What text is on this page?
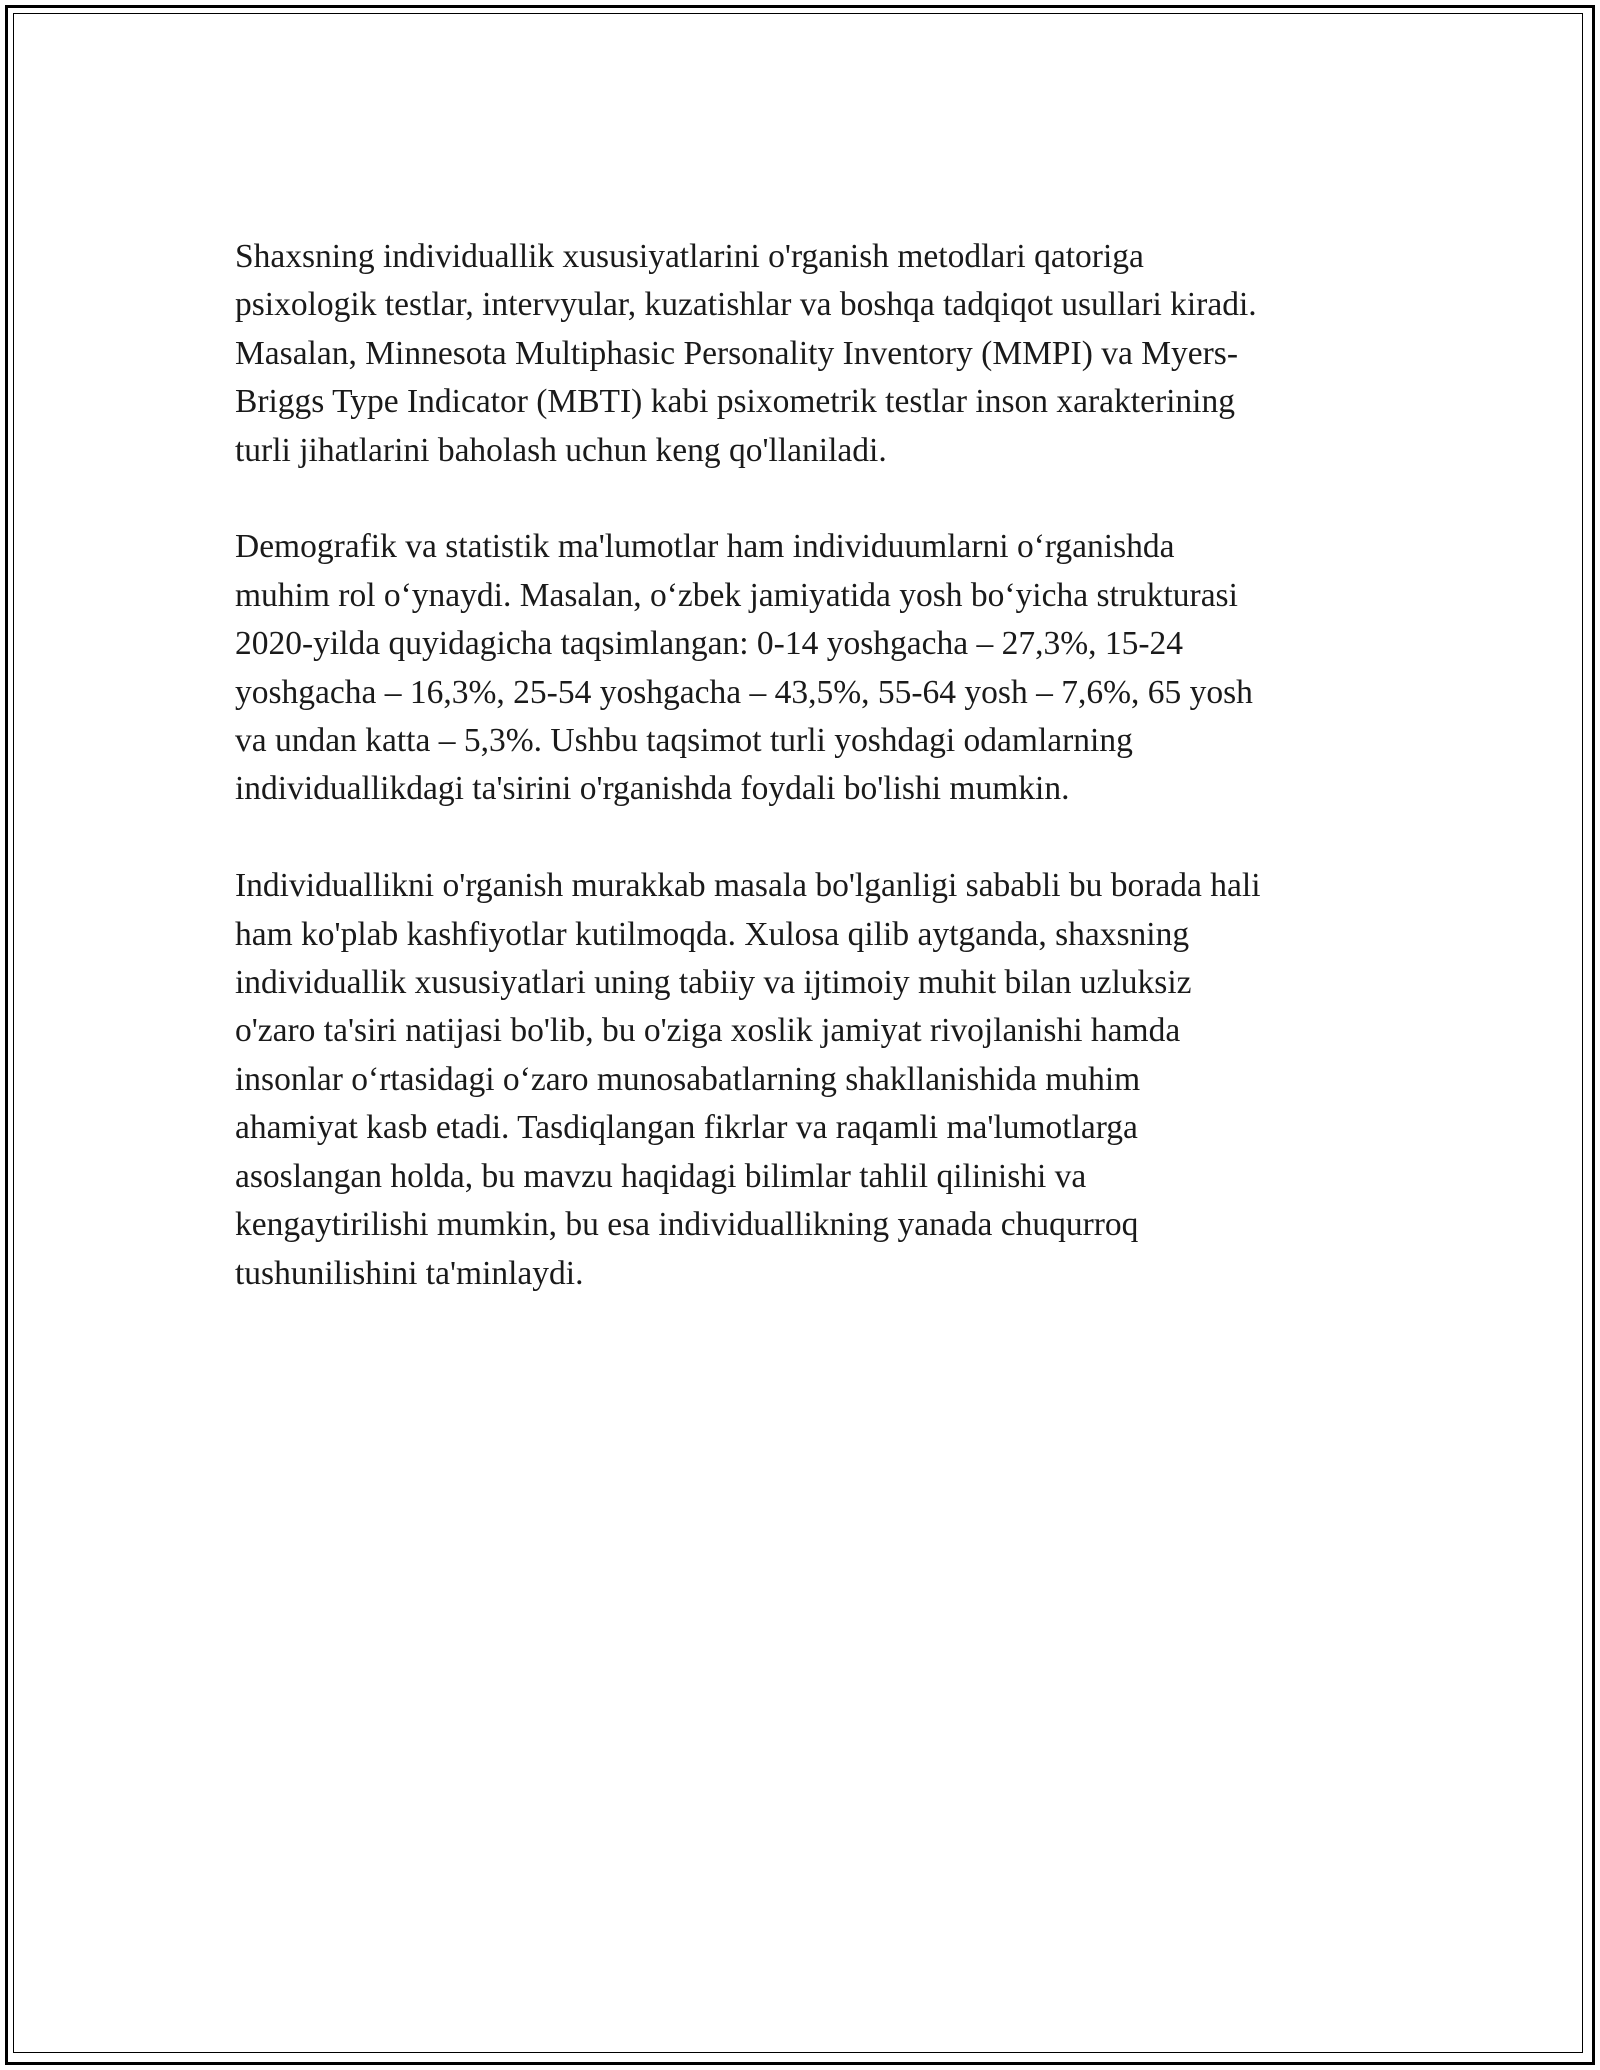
Shaxsning individuallik xususiyatlarini o'rganish metodlari qatoriga
psixologik testlar, intervyular, kuzatishlar va boshqa tadqiqot usullari kiradi.
Masalan, Minnesota Multiphasic Personality Inventory (MMPI) va Myers-
Briggs Type Indicator (MBTI) kabi psixometrik testlar inson xarakterining
turli jihatlarini baholash uchun keng qo'llaniladi.

Demografik va statistik ma'lumotlar ham individuumlarni o‘rganishda
muhim rol o‘ynaydi. Masalan, o‘zbek jamiyatida yosh bo‘yicha strukturasi
2020-yilda quyidagicha taqsimlangan: 0-14 yoshgacha – 27,3%, 15-24
yoshgacha – 16,3%, 25-54 yoshgacha – 43,5%, 55-64 yosh – 7,6%, 65 yosh
va undan katta – 5,3%. Ushbu taqsimot turli yoshdagi odamlarning
individuallikdagi ta'sirini o'rganishda foydali bo'lishi mumkin.

Individuallikni o'rganish murakkab masala bo'lganligi sababli bu borada hali
ham ko'plab kashfiyotlar kutilmoqda. Xulosa qilib aytganda, shaxsning
individuallik xususiyatlari uning tabiiy va ijtimoiy muhit bilan uzluksiz
o'zaro ta'siri natijasi bo'lib, bu o'ziga xoslik jamiyat rivojlanishi hamda
insonlar o‘rtasidagi o‘zaro munosabatlarning shakllanishida muhim
ahamiyat kasb etadi. Tasdiqlangan fikrlar va raqamli ma'lumotlarga
asoslangan holda, bu mavzu haqidagi bilimlar tahlil qilinishi va
kengaytirilishi mumkin, bu esa individuallikning yanada chuqurroq
tushunilishini ta'minlaydi.
